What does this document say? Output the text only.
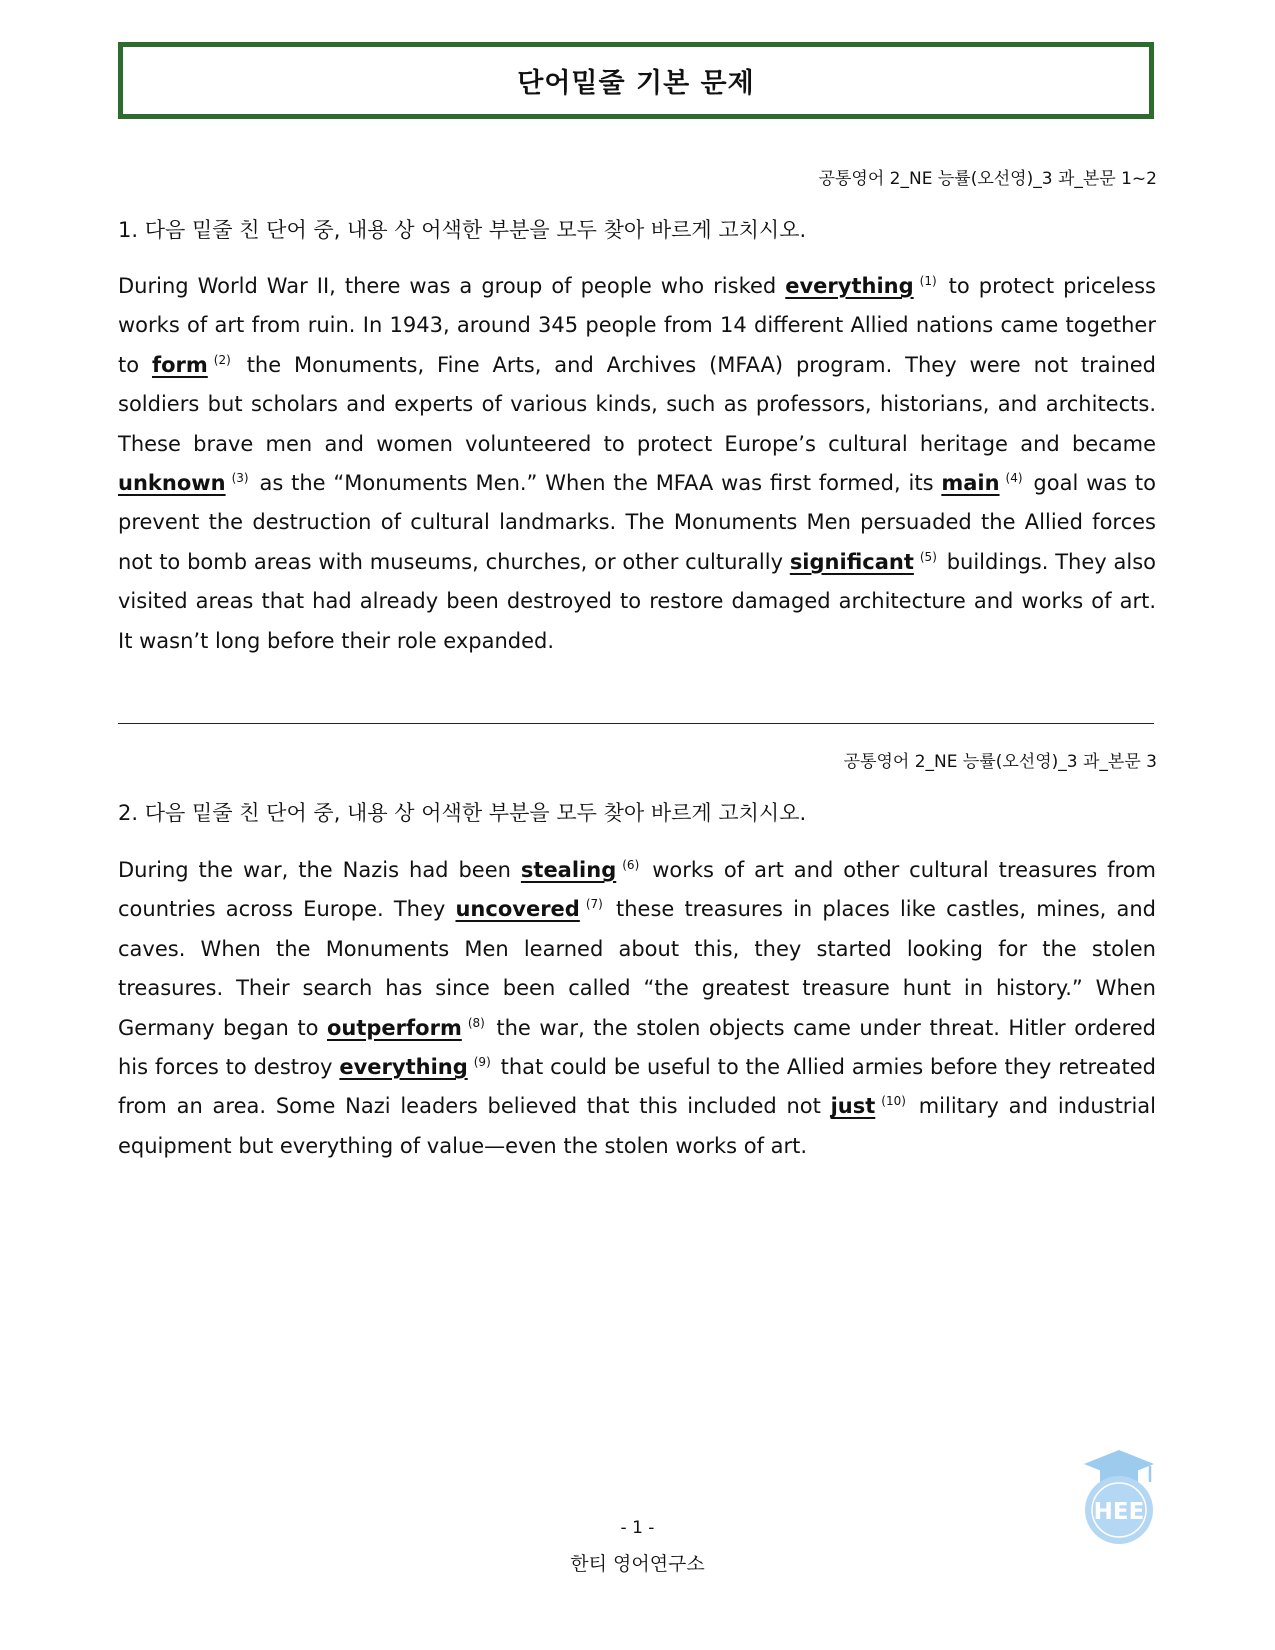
단어밑줄 기본 문제
공통영어 2_NE 능률(오선영)_3 과_본문 1~2
1. 다음 밑줄 친 단어 중, 내용 상 어색한 부분을 모두 찾아 바르게 고치시오.
During World War II, there was a group of people who risked everything $^{(1)}$ to protect priceless works of art from ruin. In 1943, around 345 people from 14 different Allied nations came together to form $^{(2)}$ the Monuments, Fine Arts, and Archives (MFAA) program. They were not trained soldiers but scholars and experts of various kinds, such as professors, historians, and architects. These brave men and women volunteered to protect Europe’s cultural heritage and became unknown $^{(3)}$ as the “Monuments Men.” When the MFAA was first formed, its main $^{(4)}$ goal was to prevent the destruction of cultural landmarks. The Monuments Men persuaded the Allied forces not to bomb areas with museums, churches, or other culturally significant $^{(5)}$ buildings. They also visited areas that had already been destroyed to restore damaged architecture and works of art. It wasn’t long before their role expanded.
공통영어 2_NE 능률(오선영)_3 과_본문 3
2. 다음 밑줄 친 단어 중, 내용 상 어색한 부분을 모두 찾아 바르게 고치시오.
During the war, the Nazis had been stealing $^{(6)}$ works of art and other cultural treasures from countries across Europe. They uncovered $^{(7)}$ these treasures in places like castles, mines, and caves. When the Monuments Men learned about this, they started looking for the stolen treasures. Their search has since been called “the greatest treasure hunt in history.” When Germany began to outperform $^{(8)}$ the war, the stolen objects came under threat. Hitler ordered his forces to destroy everything $^{(9)}$ that could be useful to the Allied armies before they retreated from an area. Some Nazi leaders believed that this included not just $^{(10)}$ military and industrial equipment but everything of value—even the stolen works of art.
HEE
- 1 -
한티 영어연구소
